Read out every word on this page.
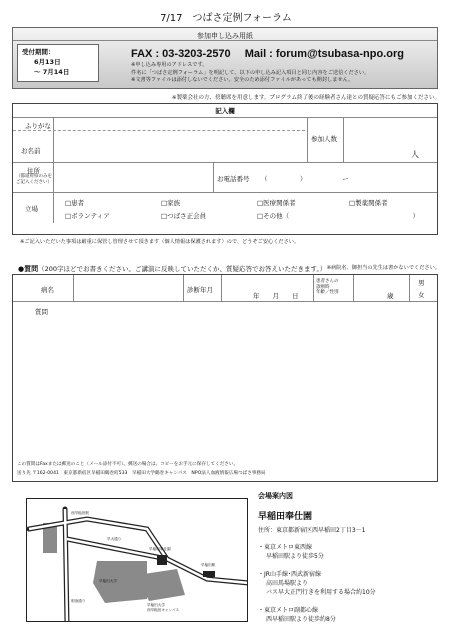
7/17　つばさ定例フォーラム
参加申し込み用紙
受付期間：
6月13日
～ 7月14日
FAX : 03-3203-2570　 Mail : forum@tsubasa-npo.org
※申し込み専用のアドレスです。
件名に「つばさ定例フォーラム」を明記して、以下の申し込み記入項目と同じ内容をご送信ください。
※文書等ファイルは添付しないでください。安全のため添付ファイルがあっても開封しません。
※製薬会社の方、傍聴席を用意します。プログラム終了後の経験者さん達との質疑応答にもご参加ください。
記入欄
ふりがな
お名前
参加人数
人
住所
（都道府県のみを
ご記入ください）	お電話番号 （　　　　　）　　　　　　ー
立場
□患者	□家族	□医療関係者	□製薬関係者
□ボランティア	□つばさ正会員	□その他（　　　　　　　　　　　　　　　　　　　）
※ご記入いただいた事項は厳重に保管し管理させて頂きます（個人情報は保護されます）ので、どうぞご安心ください。
●質問（200字ほどでお書きください。ご講演に反映していただくか、質疑応答でお答えいただきます。） ※病院名、御担当の先生は書かないでください。
病名	診断年月
年　　月　　日
患者さんの
診断時
年齢／性別	歳
男
女
質問
この質問はFaxまたは郵送のこと（メール添付不可）。郵送の場合は、コピーをお手元に保存してください。
送り先 〒162-0041　東京都新宿区早稲田鶴巻町533　早稲田大学鶴巻キャンパス　NPO法人血液情報広場つばさ事務局
早稲田大学
早稲田大学
西早稲田キャンパス
早稲田奉仕園
早稲田駅
早大通り
西早稲田駅
明治通り
会場案内図
早稲田奉仕園
住所：東京都新宿区西早稲田2丁目3－1
・東京メトロ東西線
早稲田駅より徒歩5分
・JR山手線･西武新宿線
高田馬場駅より
バス早大正門行きを利用する場合約10分
・東京メトロ副都心線
西早稲田駅より徒歩約8分
